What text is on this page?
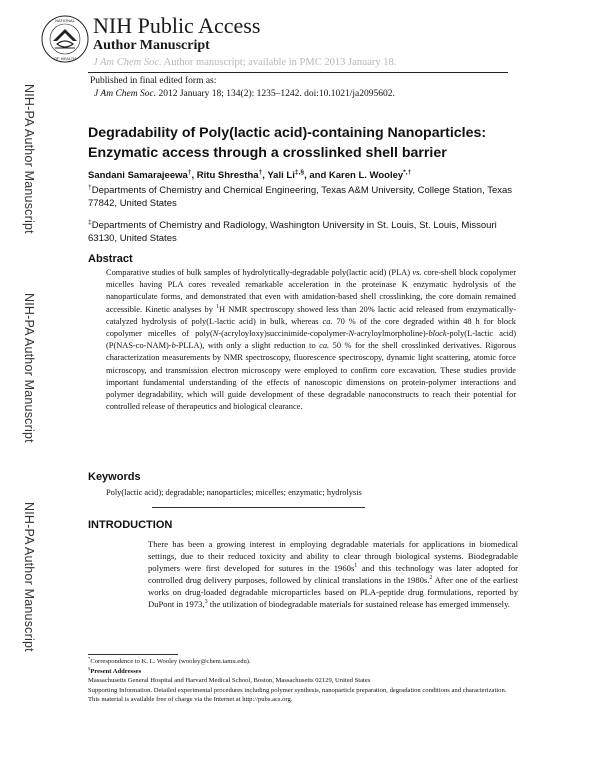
NIH-PA Author Manuscript
NIH-PA Author Manuscript
NIH-PA Author Manuscript
NATIONAL
OF HEALTH
NIH Public Access
Author Manuscript
J Am Chem Soc. Author manuscript; available in PMC 2013 January 18.
Published in final edited form as:
J Am Chem Soc. 2012 January 18; 134(2): 1235–1242. doi:10.1021/ja2095602.
Degradability of Poly(lactic acid)-containing Nanoparticles: Enzymatic access through a crosslinked shell barrier
Sandani Samarajeewa†, Ritu Shrestha†, Yali Li‡,§, and Karen L. Wooley*,†
†Departments of Chemistry and Chemical Engineering, Texas A&M University, College Station, Texas 77842, United States
‡Departments of Chemistry and Radiology, Washington University in St. Louis, St. Louis, Missouri 63130, United States
Abstract
Comparative studies of bulk samples of hydrolytically-degradable poly(lactic acid) (PLA) vs. core-shell block copolymer micelles having PLA cores revealed remarkable acceleration in the proteinase K enzymatic hydrolysis of the nanoparticulate forms, and demonstrated that even with amidation-based shell crosslinking, the core domain remained accessible. Kinetic analyses by $^1$H NMR spectroscopy showed less than 20% lactic acid released from enzymatically-catalyzed hydrolysis of poly(L-lactic acid) in bulk, whereas ca. 70 % of the core degraded within 48 h for block copolymer micelles of poly(N-(acryloyloxy)succinimide-copolymer-N-acryloylmorpholine)-block-poly(L-lactic acid) (P(NAS-co-NAM)-b-PLLA), with only a slight reduction to ca. 50 % for the shell crosslinked derivatives. Rigorous characterization measurements by NMR spectroscopy, fluorescence spectroscopy, dynamic light scattering, atomic force microscopy, and transmission electron microscopy were employed to confirm core excavation. These studies provide important fundamental understanding of the effects of nanoscopic dimensions on protein-polymer interactions and polymer degradability, which will guide development of these degradable nanoconstructs to reach their potential for controlled release of therapeutics and biological clearance.
Keywords
Poly(lactic acid); degradable; nanoparticles; micelles; enzymatic; hydrolysis
INTRODUCTION
There has been a growing interest in employing degradable materials for applications in biomedical settings, due to their reduced toxicity and ability to clear through biological systems. Biodegradable polymers were first developed for sutures in the $1960s^1$ and this technology was later adopted for controlled drug delivery purposes, followed by clinical translations in the 1980s.$^2$ After one of the earliest works on drug-loaded degradable microparticles based on PLA-peptide drug formulations, reported by DuPont in 1973,$^3$ the utilization of biodegradable materials for sustained release has emerged immensely.

*Correspondence to K. L. Wooley (wooley@chem.tamu.edu).

§Present Addresses

Massachusetts General Hospital and Harvard Medical School, Boston, Massachusetts 02129, United States

Supporting Information. Detailed experimental procedures including polymer synthesis, nanoparticle preparation, degradation conditions and characterization. This material is available free of charge via the Internet at http://pubs.acs.org.
